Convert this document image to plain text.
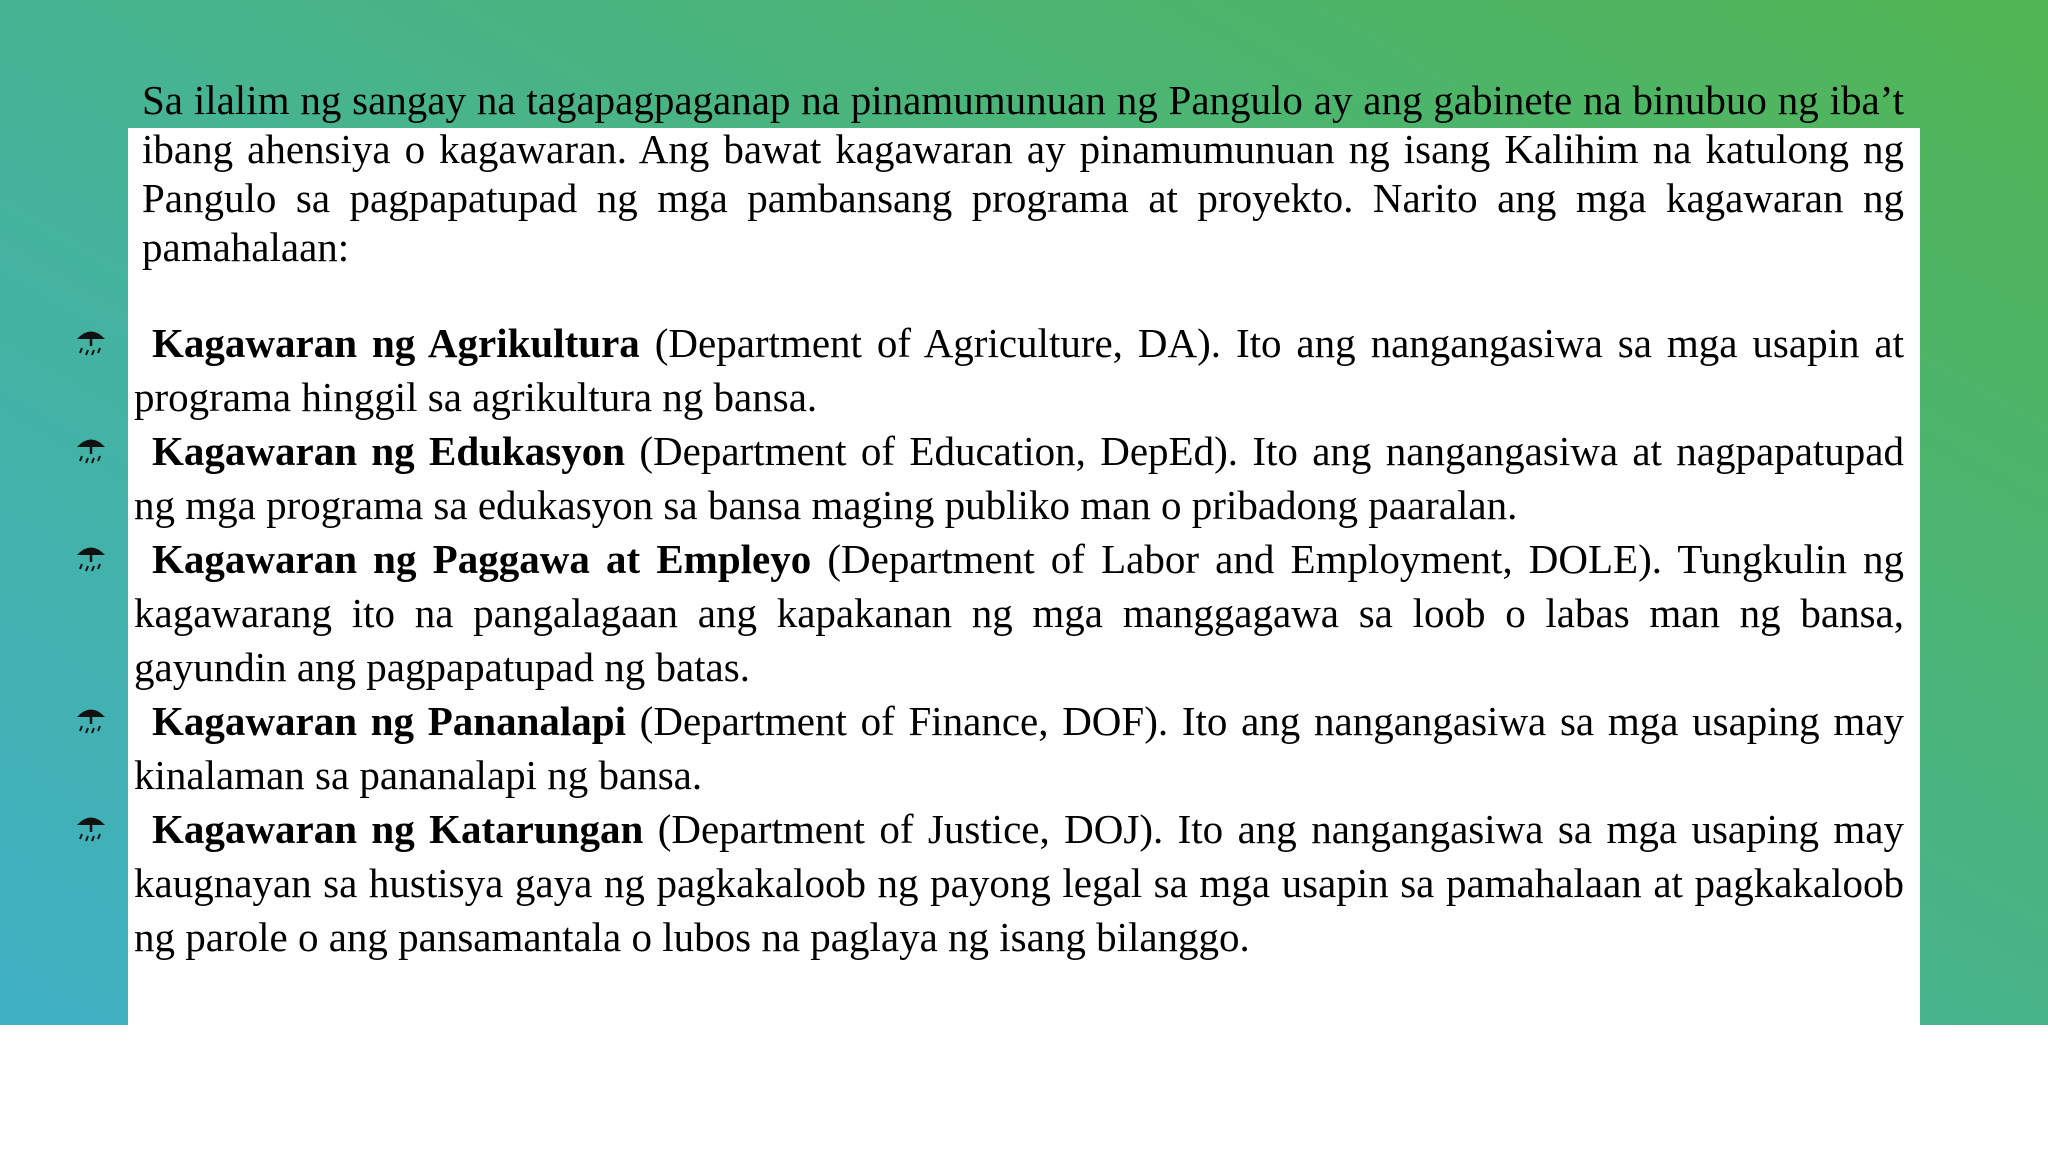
Sa ilalim ng sangay na tagapagpaganap na pinamumunuan ng Pangulo ay ang gabinete na binubuo ng iba’t ibang ahensiya o kagawaran. Ang bawat kagawaran ay pinamumunuan ng isang Kalihim na katulong ng Pangulo sa pagpapatupad ng mga pambansang programa at proyekto. Narito ang mga kagawaran ng pamahalaan:

Kagawaran ng Agrikultura (Department of Agriculture, DA). Ito ang nangangasiwa sa mga usapin at programa hinggil sa agrikultura ng bansa.
Kagawaran ng Edukasyon (Department of Education, DepEd). Ito ang nangangasiwa at nagpapatupad ng mga programa sa edukasyon sa bansa maging publiko man o pribadong paaralan.
Kagawaran ng Paggawa at Empleyo (Department of Labor and Employment, DOLE). Tungkulin ng kagawarang ito na pangalagaan ang kapakanan ng mga manggagawa sa loob o labas man ng bansa, gayundin ang pagpapatupad ng batas.
Kagawaran ng Pananalapi (Department of Finance, DOF). Ito ang nangangasiwa sa mga usaping may kinalaman sa pananalapi ng bansa.
Kagawaran ng Katarungan (Department of Justice, DOJ). Ito ang nangangasiwa sa mga usaping may kaugnayan sa hustisya gaya ng pagkakaloob ng payong legal sa mga usapin sa pamahalaan at pagkakaloob ng parole o ang pansamantala o lubos na paglaya ng isang bilanggo.
